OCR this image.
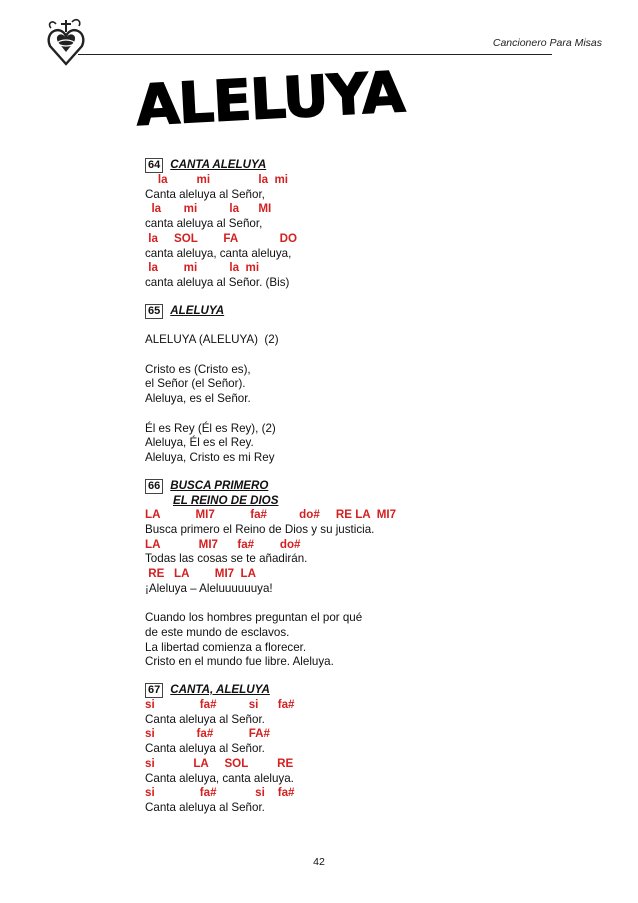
Cancionero Para Misas
ALELUYA
64 CANTA ALELUYA
la         mi               la  mi
Canta aleluya al Señor,
la       mi          la      MI
canta aleluya al Señor,
la     SOL        FA             DO
canta aleluya, canta aleluya,
la        mi          la  mi
canta aleluya al Señor. (Bis)
65 ALELUYA
ALELUYA (ALELUYA)  (2)
Cristo es (Cristo es),
el Señor (el Señor).
Aleluya, es el Señor.
Él es Rey (Él es Rey), (2)
Aleluya, Él es el Rey.
Aleluya, Cristo es mi Rey
66 BUSCA PRIMERO
EL REINO DE DIOS
LA           MI7           fa#          do#     RE LA  MI7
Busca primero el Reino de Dios y su justicia.
LA            MI7      fa#        do#
Todas las cosas se te añadirán.
RE   LA        MI7  LA
¡Aleluya – Aleluuuuuuya!
Cuando los hombres preguntan el por qué
de este mundo de esclavos.
La libertad comienza a florecer.
Cristo en el mundo fue libre. Aleluya.
67 CANTA, ALELUYA
si              fa#          si      fa#
Canta aleluya al Señor.
si             fa#           FA#
Canta aleluya al Señor.
si            LA     SOL         RE
Canta aleluya, canta aleluya.
si              fa#            si    fa#
Canta aleluya al Señor.
42
